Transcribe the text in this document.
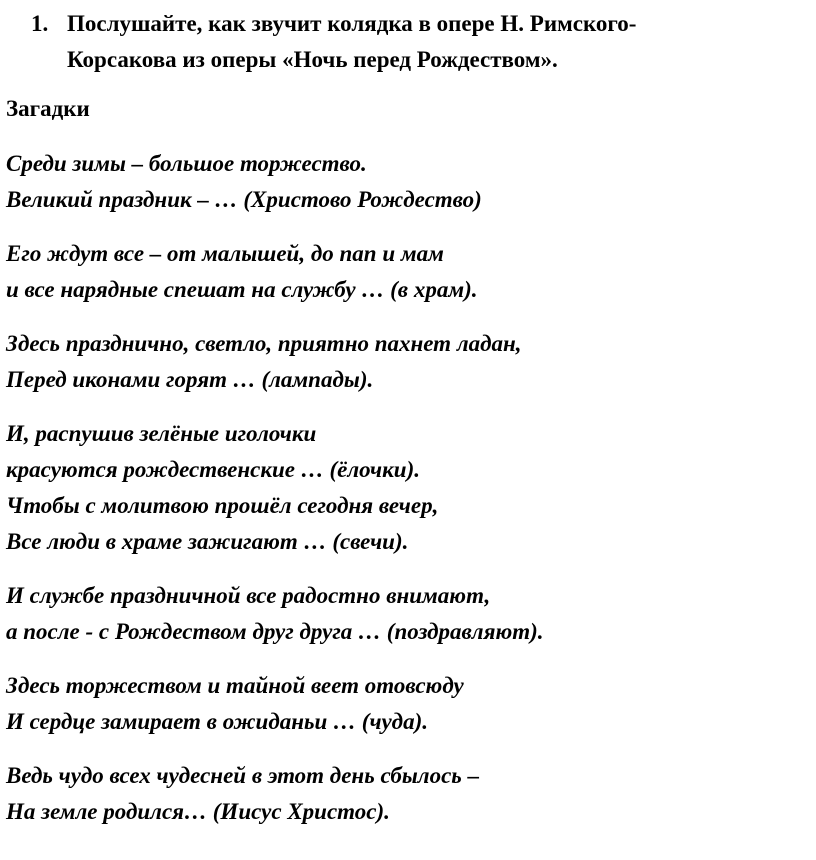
1. Послушайте, как звучит колядка в опере Н. Римского-
Корсакова из оперы «Ночь перед Рождеством».
Загадки
Среди зимы – большое торжество.
Великий праздник – … (Христово Рождество)
Его ждут все – от малышей, до пап и мам
и все нарядные спешат на службу … (в храм).
Здесь празднично, светло, приятно пахнет ладан,
Перед иконами горят … (лампады).
И, распушив зелёные иголочки
красуются рождественские … (ёлочки).
Чтобы с молитвою прошёл сегодня вечер,
Все люди в храме зажигают … (свечи).
И службе праздничной все радостно внимают,
а после - с Рождеством друг друга … (поздравляют).
Здесь торжеством и тайной веет отовсюду
И сердце замирает в ожиданьи … (чуда).
Ведь чудо всех чудесней в этот день сбылось –
На земле родился… (Иисус Христос).
